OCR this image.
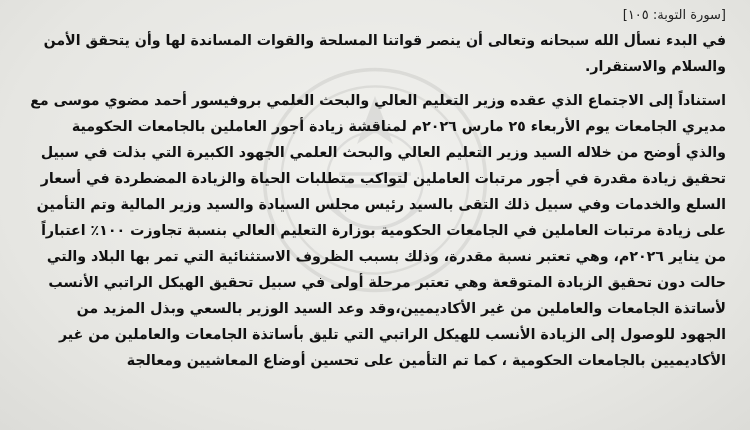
[سورة التوبة: ١٠٥]
في البدء نسأل الله سبحانه وتعالى أن ينصر قواتنا المسلحة والقوات المساندة لها وأن يتحقق الأمن
والسلام والاستقرار.
استناداً إلى الاجتماع الذي عقده وزير التعليم العالي والبحث العلمي بروفيسور أحمد مضوي موسى مع
مديري الجامعات يوم الأربعاء ٢٥ مارس ٢٠٢٦م لمناقشة زيادة أجور العاملين بالجامعات الحكومية
والذي أوضح من خلاله السيد وزير التعليم العالي والبحث العلمي الجهود الكبيرة التي بذلت في سبيل
تحقيق زيادة مقدرة في أجور مرتبات العاملين لتواكب متطلبات الحياة والزيادة المضطردة في أسعار
السلع والخدمات وفي سبيل ذلك التقى بالسيد رئيس مجلس السيادة والسيد وزير المالية وتم التأمين
على زيادة مرتبات العاملين في الجامعات الحكومية بوزارة التعليم العالي بنسبة تجاوزت ١٠٠٪ اعتباراً
من يناير ٢٠٢٦م، وهي تعتبر نسبة مقدرة، وذلك بسبب الظروف الاستثنائية التي تمر بها البلاد والتي
حالت دون تحقيق الزيادة المتوقعة وهي تعتبر مرحلة أولى في سبيل تحقيق الهيكل الراتبي الأنسب
لأساتذة الجامعات والعاملين من غير الأكاديميين،وقد وعد السيد الوزير بالسعي وبذل المزيد من
الجهود للوصول إلى الزيادة الأنسب للهيكل الراتبي التي تليق بأساتذة الجامعات والعاملين من غير
الأكاديميين بالجامعات الحكومية ، كما تم التأمين على تحسين أوضاع المعاشيين ومعالجة
